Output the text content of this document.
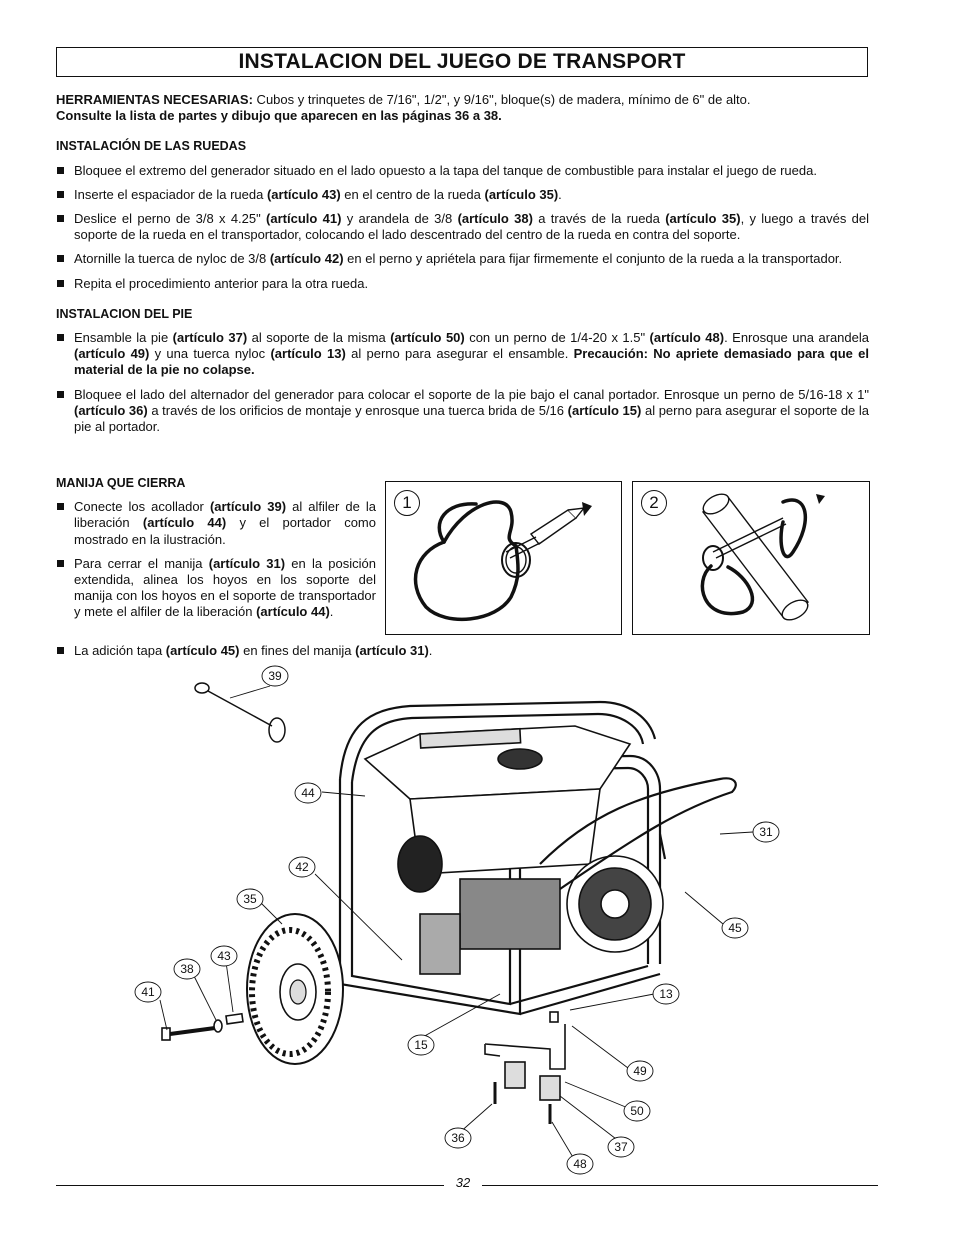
INSTALACION DEL JUEGO DE TRANSPORT

HERRAMIENTAS NECESARIAS: Cubos y trinquetes de 7/16", 1/2", y 9/16", bloque(s) de madera, mínimo de 6" de alto.
Consulte la lista de partes y dibujo que aparecen en las páginas 36 a 38.

INSTALACIÓN DE LAS RUEDAS
Bloquee el extremo del generador situado en el lado opuesto a la tapa del tanque de combustible para instalar el juego de rueda.
Inserte el espaciador de la rueda (artículo 43) en el centro de la rueda (artículo 35).
Deslice el perno de 3/8 x 4.25" (artículo 41) y arandela de 3/8 (artículo 38) a través de la rueda (artículo 35), y luego a través del soporte de la rueda en el transportador, colocando el lado descentrado del centro de la rueda en contra del soporte.
Atornille la tuerca de nyloc de 3/8 (artículo 42) en el perno y apriétela para fijar firmemente el conjunto de la rueda a la transportador.
Repita el procedimiento anterior para la otra rueda.
INSTALACION DEL PIE
Ensamble la pie (artículo 37) al soporte de la misma (artículo 50) con un perno de 1/4-20 x 1.5" (artículo 48). Enrosque una arandela (artículo 49) y una tuerca nyloc (artículo 13) al perno para asegurar el ensamble. Precaución: No apriete demasiado para que el material de la pie no colapse.
Bloquee el lado del alternador del generador para colocar el soporte de la pie bajo el canal portador. Enrosque un perno de 5/16-18 x 1" (artículo 36) a través de los orificios de montaje y enrosque una tuerca brida de 5/16 (artículo 15) al perno para asegurar el soporte de la pie al portador.
MANIJA QUE CIERRA
Conecte los acollador (artículo 39) al alfiler de la liberación (artículo 44) y el portador como mostrado en la ilustración.
Para cerrar el manija (artículo 31) en la posición extendida, alinea los hoyos en los soporte del manija con los hoyos en el soporte de transportador y mete el alfiler de la liberación (artículo 44).
La adición tapa (artículo 45) en fines del manija (artículo 31).
1	2
39
44
42
35
43
38
41
15
31
45
13
49
50
36
37
48
32
